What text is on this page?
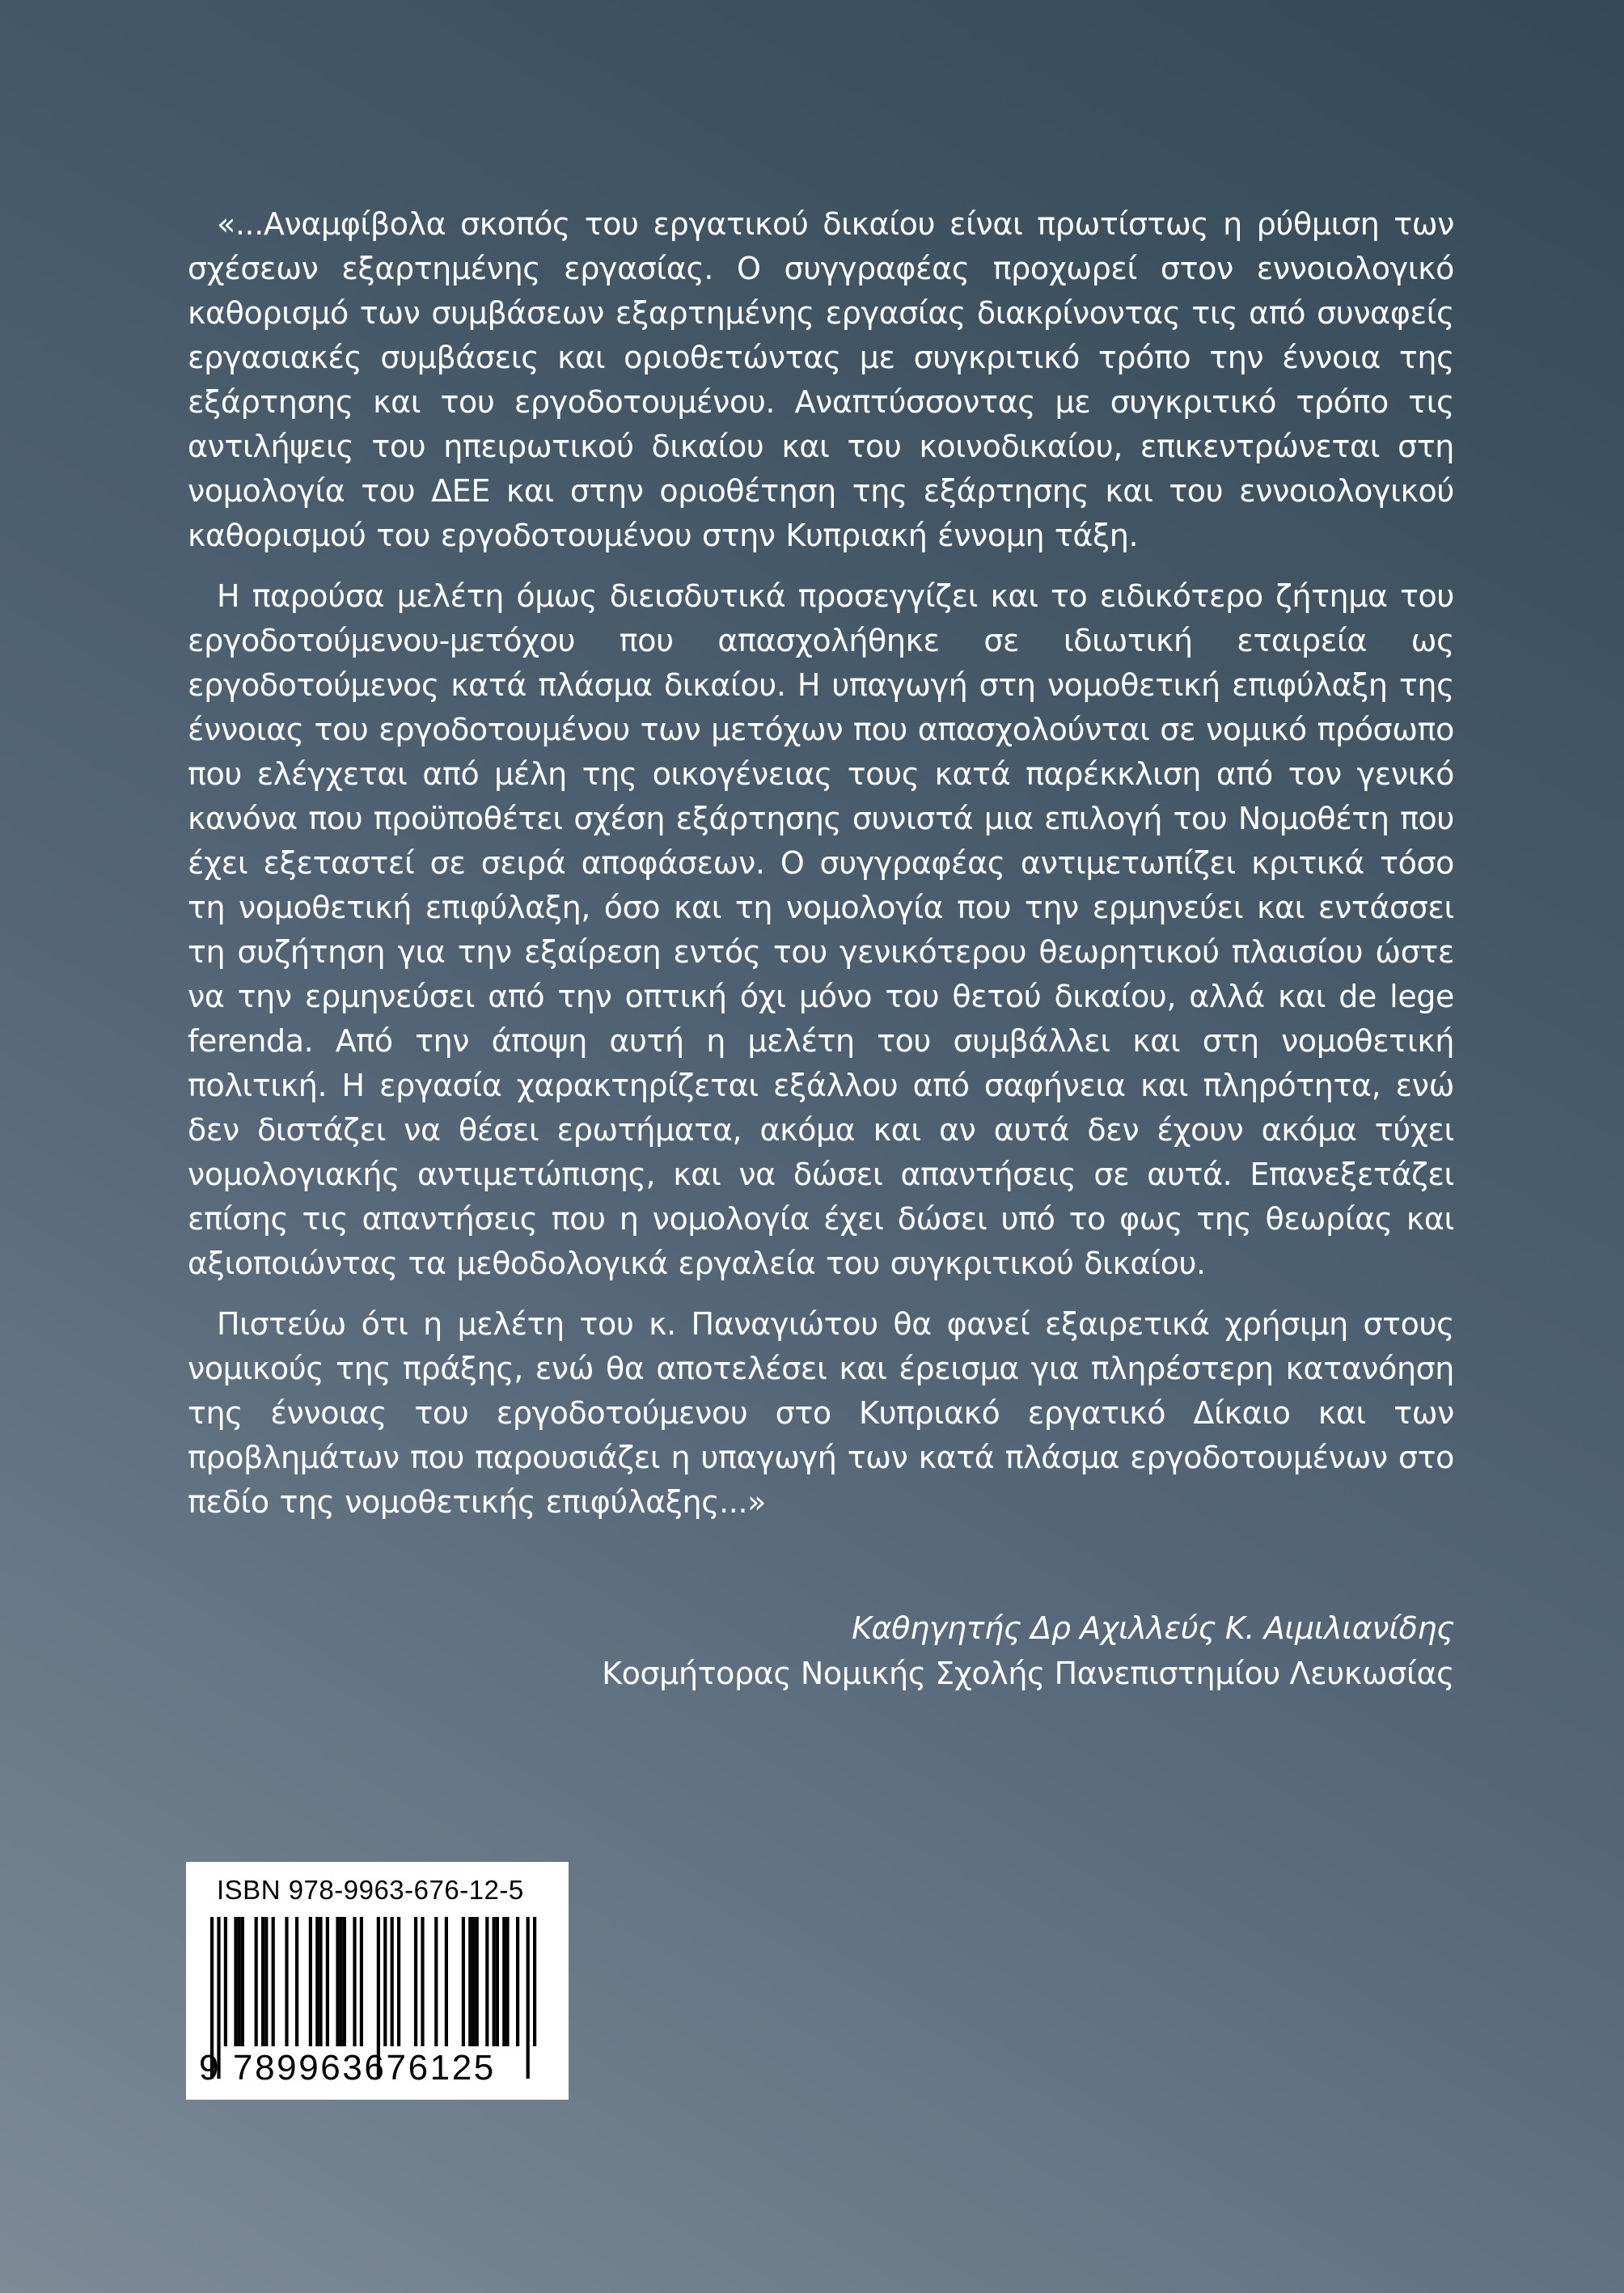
«...Αναμφίβολα σκοπός του εργατικού δικαίου είναι πρωτίστως η ρύθμιση των σχέσεων εξαρτημένης εργασίας. Ο συγγραφέας προχωρεί στον εννοιολογικό καθορισμό των συμβάσεων εξαρτημένης εργασίας διακρίνοντας τις από συναφείς εργασιακές συμβάσεις και οριοθετώντας με συγκριτικό τρόπο την έννοια της εξάρτησης και του εργοδοτουμένου. Αναπτύσσοντας με συγκριτικό τρόπο τις αντιλήψεις του ηπειρωτικού δικαίου και του κοινοδικαίου, επικεντρώνεται στη νομολογία του ΔΕΕ και στην οριοθέτηση της εξάρτησης και του εννοιολογικού καθορισμού του εργοδοτουμένου στην Κυπριακή έννομη τάξη.

Η παρούσα μελέτη όμως διεισδυτικά προσεγγίζει και το ειδικότερο ζήτημα του εργοδοτούμενου-μετόχου που απασχολήθηκε σε ιδιωτική εταιρεία ως εργοδοτούμενος κατά πλάσμα δικαίου. Η υπαγωγή στη νομοθετική επιφύλαξη της έννοιας του εργοδοτουμένου των μετόχων που απασχολούνται σε νομικό πρόσωπο που ελέγχεται από μέλη της οικογένειας τους κατά παρέκκλιση από τον γενικό κανόνα που προϋποθέτει σχέση εξάρτησης συνιστά μια επιλογή του Νομοθέτη που έχει εξεταστεί σε σειρά αποφάσεων. Ο συγγραφέας αντιμετωπίζει κριτικά τόσο τη νομοθετική επιφύλαξη, όσο και τη νομολογία που την ερμηνεύει και εντάσσει τη συζήτηση για την εξαίρεση εντός του γενικότερου θεωρητικού πλαισίου ώστε να την ερμηνεύσει από την οπτική όχι μόνο του θετού δικαίου, αλλά και de lege ferenda. Από την άποψη αυτή η μελέτη του συμβάλλει και στη νομοθετική πολιτική. Η εργασία χαρακτηρίζεται εξάλλου από σαφήνεια και πληρότητα, ενώ δεν διστάζει να θέσει ερωτήματα, ακόμα και αν αυτά δεν έχουν ακόμα τύχει νομολογιακής αντιμετώπισης, και να δώσει απαντήσεις σε αυτά. Επανεξετάζει επίσης τις απαντήσεις που η νομολογία έχει δώσει υπό το φως της θεωρίας και αξιοποιώντας τα μεθοδολογικά εργαλεία του συγκριτικού δικαίου.

Πιστεύω ότι η μελέτη του κ. Παναγιώτου θα φανεί εξαιρετικά χρήσιμη στους νομικούς της πράξης, ενώ θα αποτελέσει και έρεισμα για πληρέστερη κατανόηση της έννοιας του εργοδοτούμενου στο Κυπριακό εργατικό Δίκαιο και των προβλημάτων που παρουσιάζει η υπαγωγή των κατά πλάσμα εργοδοτουμένων στο πεδίο της νομοθετικής επιφύλαξης...»

Καθηγητής Δρ Αχιλλεύς Κ. Αιμιλιανίδης

Κοσμήτορας Νομικής Σχολής Πανεπιστημίου Λευκωσίας

ISBN 978-9963-676-12-5
9 789963676125
